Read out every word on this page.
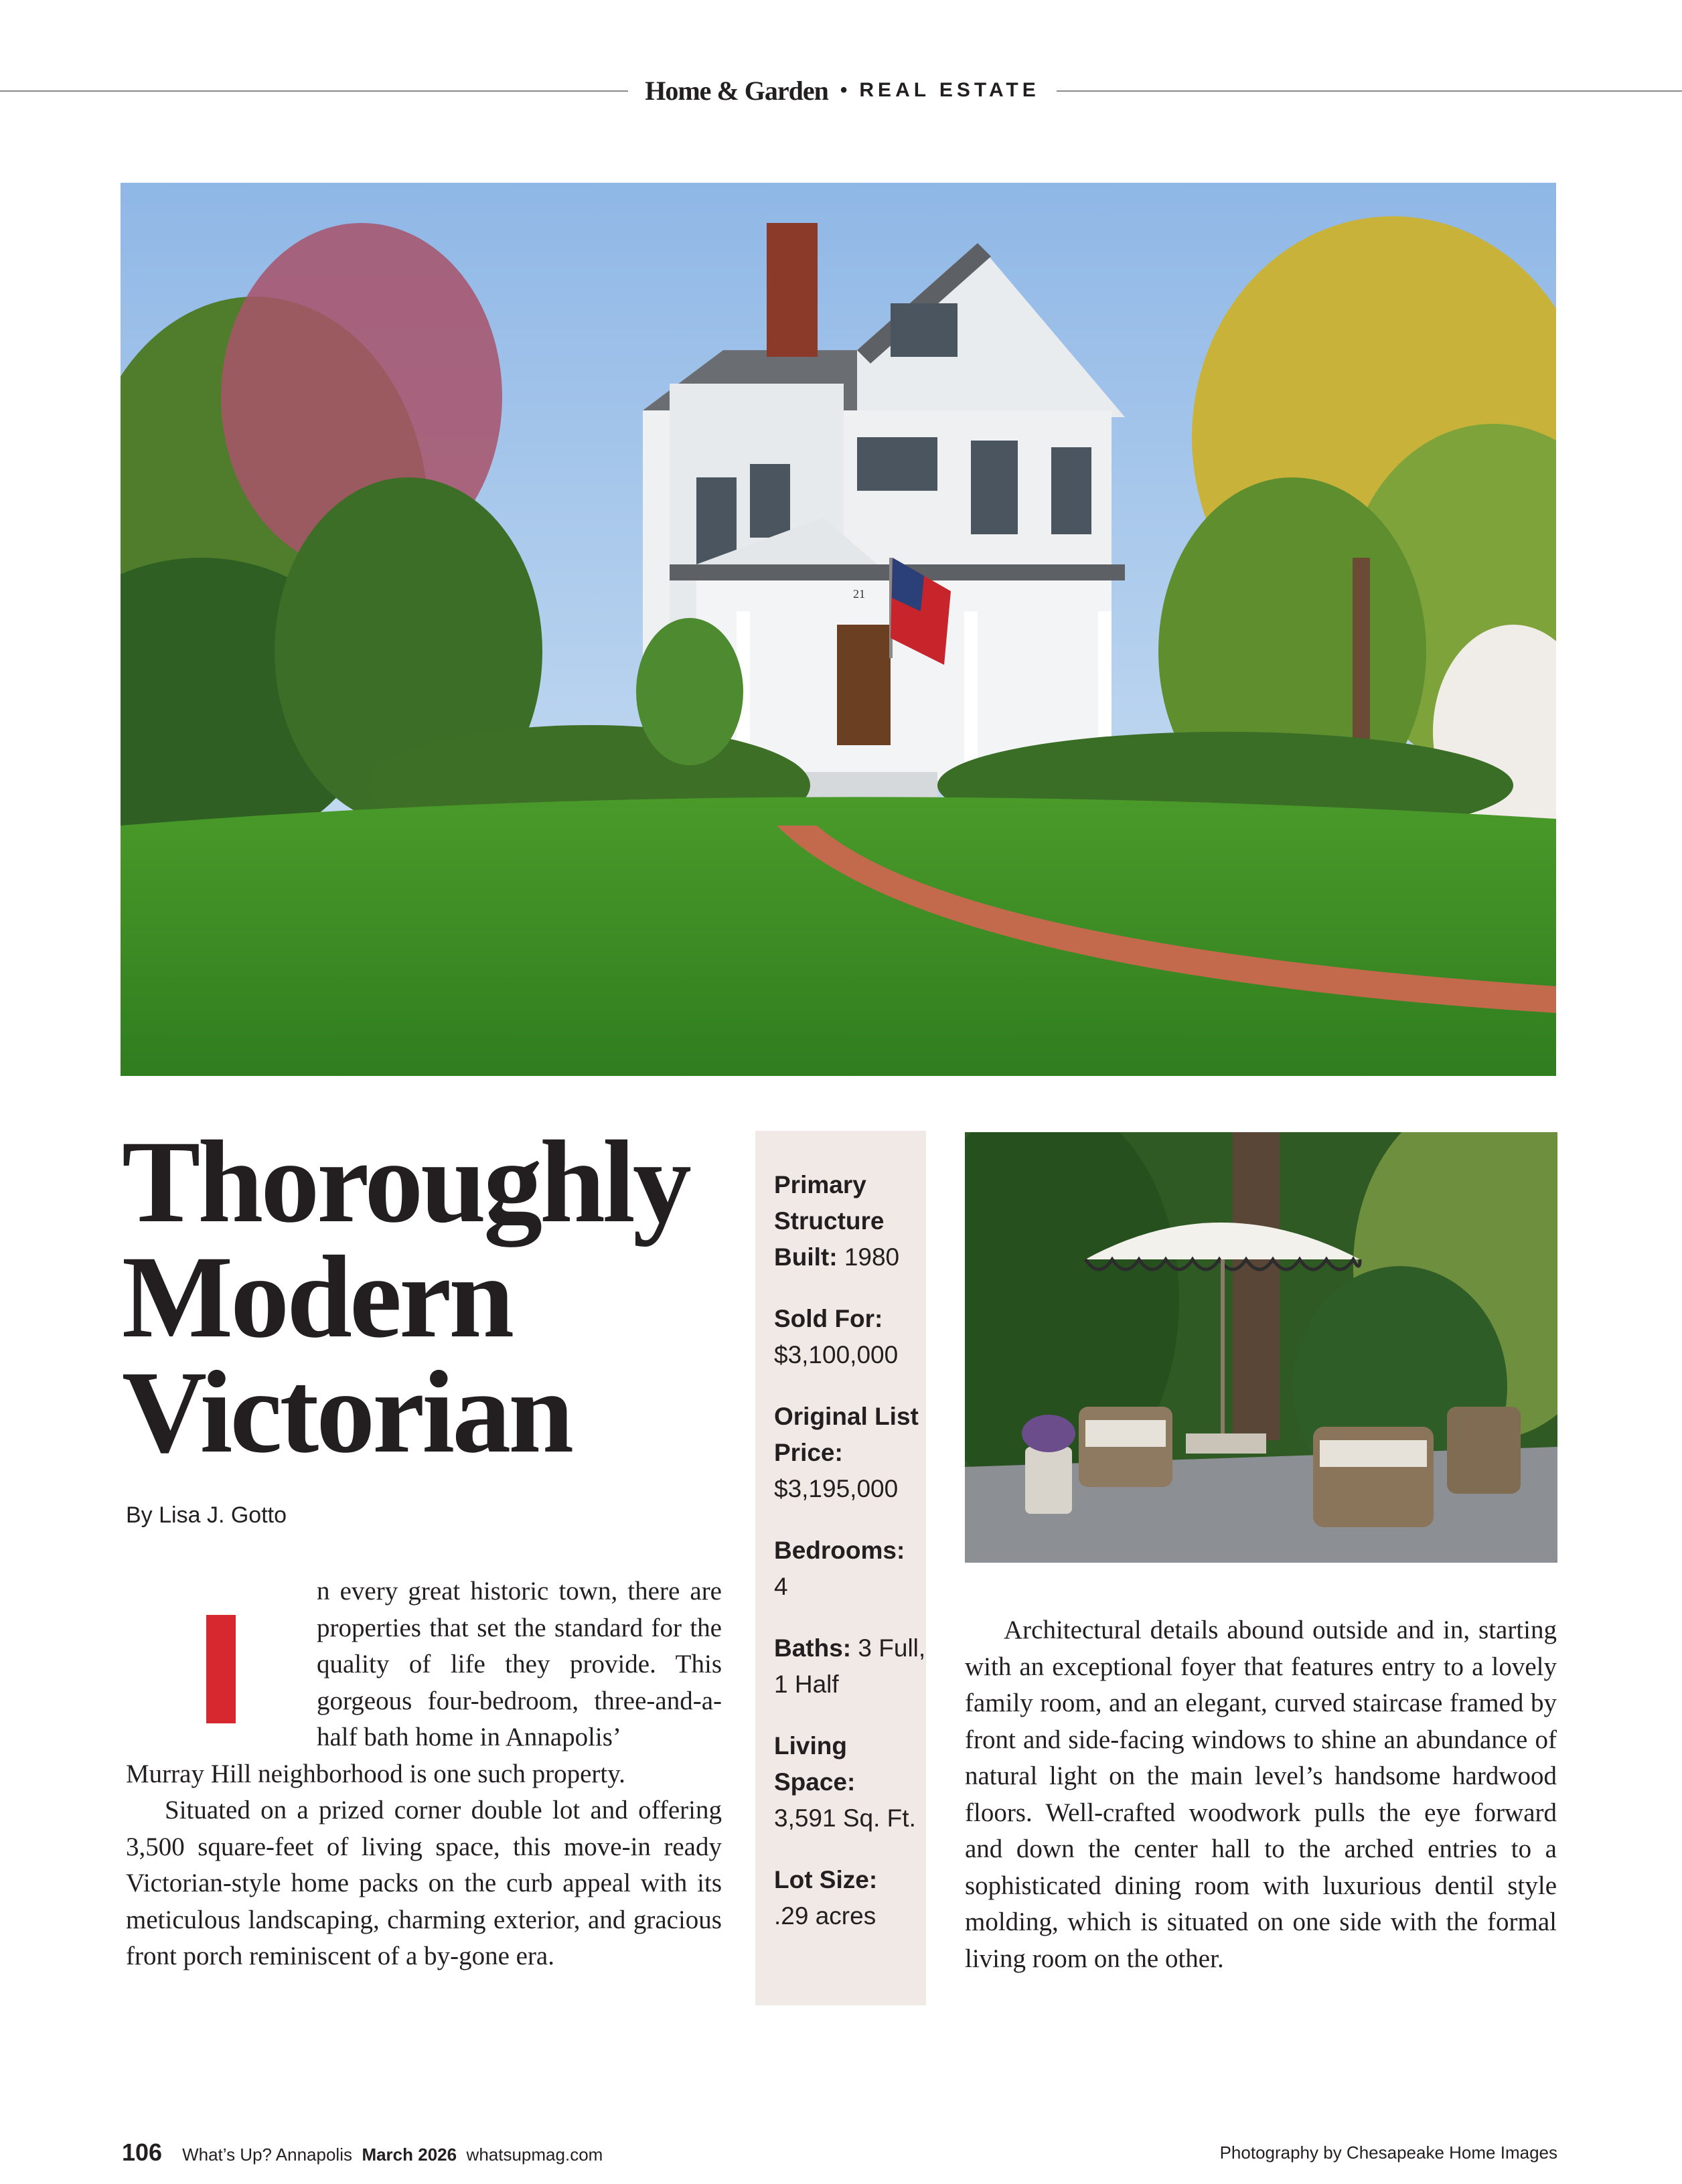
Home & Garden • REAL ESTATE
21
Thoroughly
Modern
Victorian
By Lisa J. Gotto

n every great historic town, there are properties that set the standard for the quality of life they provide. This gorgeous four-bedroom, three-and-a-half bath home in Annapolis’

Murray Hill neighborhood is one such property.

Situated on a prized corner double lot and offering 3,500 square-feet of living space, this move-in ready Victorian-style home packs on the curb appeal with its meticulous landscaping, charming exterior, and gracious front porch reminiscent of a by-gone era.

Primary Structure Built: 1980
Sold For:
$3,100,000
Original List Price:
$3,195,000
Bedrooms:
4
Baths: 3 Full, 1 Half
Living Space:
3,591 Sq. Ft.
Lot Size:
.29 acres

Architectural details abound outside and in, starting with an exceptional foyer that features entry to a lovely family room, and an elegant, curved staircase framed by front and side-facing windows to shine an abundance of natural light on the main level’s handsome hardwood floors. Well-crafted woodwork pulls the eye forward and down the center hall to the arched entries to a sophisticated dining room with luxurious dentil style molding, which is situated on one side with the formal living room on the other.

106 What’s Up? Annapolis March 2026 whatsupmag.com	Photography by Chesapeake Home Images
